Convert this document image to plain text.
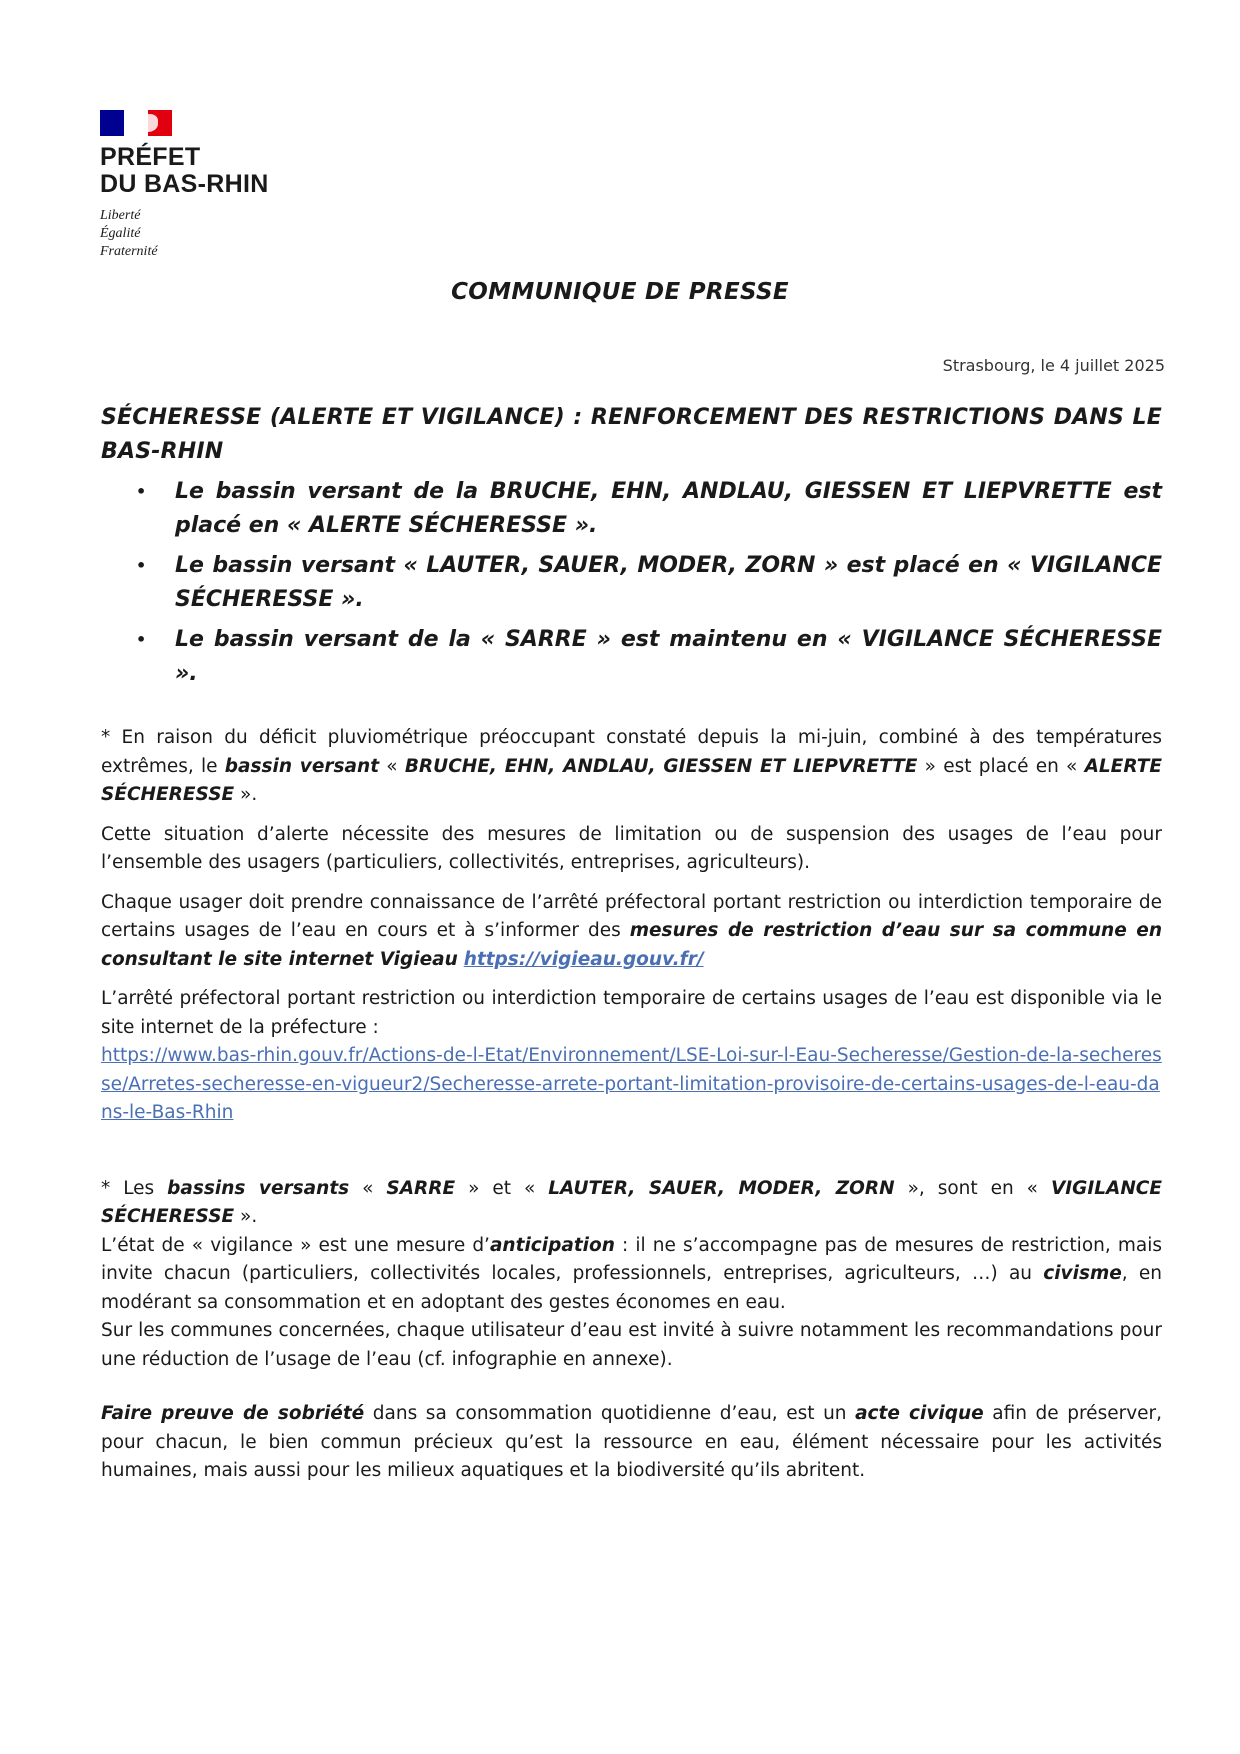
PRÉFET
DU BAS-RHIN
Liberté
Égalité
Fraternité
COMMUNIQUE DE PRESSE
Strasbourg, le 4 juillet 2025

SÉCHERESSE (ALERTE ET VIGILANCE) : RENFORCEMENT DES RESTRICTIONS DANS LE BAS-RHIN

• Le bassin versant de la BRUCHE, EHN, ANDLAU, GIESSEN ET LIEPVRETTE est placé en « ALERTE SÉCHERESSE ».
• Le bassin versant « LAUTER, SAUER, MODER, ZORN » est placé en « VIGILANCE SÉCHERESSE ».
• Le bassin versant de la « SARRE » est maintenu en « VIGILANCE SÉCHERESSE ».

* En raison du déficit pluviométrique préoccupant constaté depuis la mi-juin, combiné à des températures extrêmes, le bassin versant « BRUCHE, EHN, ANDLAU, GIESSEN ET LIEPVRETTE » est placé en « ALERTE SÉCHERESSE ».

Cette situation d’alerte nécessite des mesures de limitation ou de suspension des usages de l’eau pour l’ensemble des usagers (particuliers, collectivités, entreprises, agriculteurs).

Chaque usager doit prendre connaissance de l’arrêté préfectoral portant restriction ou interdiction temporaire de certains usages de l’eau en cours et à s’informer des mesures de restriction d’eau sur sa commune en consultant le site internet Vigieau https://vigieau.gouv.fr/

L’arrêté préfectoral portant restriction ou interdiction temporaire de certains usages de l’eau est disponible via le site internet de la préfecture :

https://www.bas-rhin.gouv.fr/Actions-de-l-Etat/Environnement/LSE-Loi-sur-l-Eau-Secheresse/Gestion-de-la-secheresse/Arretes-secheresse-en-vigueur2/Secheresse-arrete-portant-limitation-provisoire-de-certains-usages-de-l-eau-dans-le-Bas-Rhin

* Les bassins versants « SARRE » et « LAUTER, SAUER, MODER, ZORN », sont en « VIGILANCE SÉCHERESSE ».

L’état de « vigilance » est une mesure d’anticipation : il ne s’accompagne pas de mesures de restriction, mais invite chacun (particuliers, collectivités locales, professionnels, entreprises, agriculteurs, …) au civisme, en modérant sa consommation et en adoptant des gestes économes en eau.

Sur les communes concernées, chaque utilisateur d’eau est invité à suivre notamment les recommandations pour une réduction de l’usage de l’eau (cf. infographie en annexe).

Faire preuve de sobriété dans sa consommation quotidienne d’eau, est un acte civique afin de préserver, pour chacun, le bien commun précieux qu’est la ressource en eau, élément nécessaire pour les activités humaines, mais aussi pour les milieux aquatiques et la biodiversité qu’ils abritent.
